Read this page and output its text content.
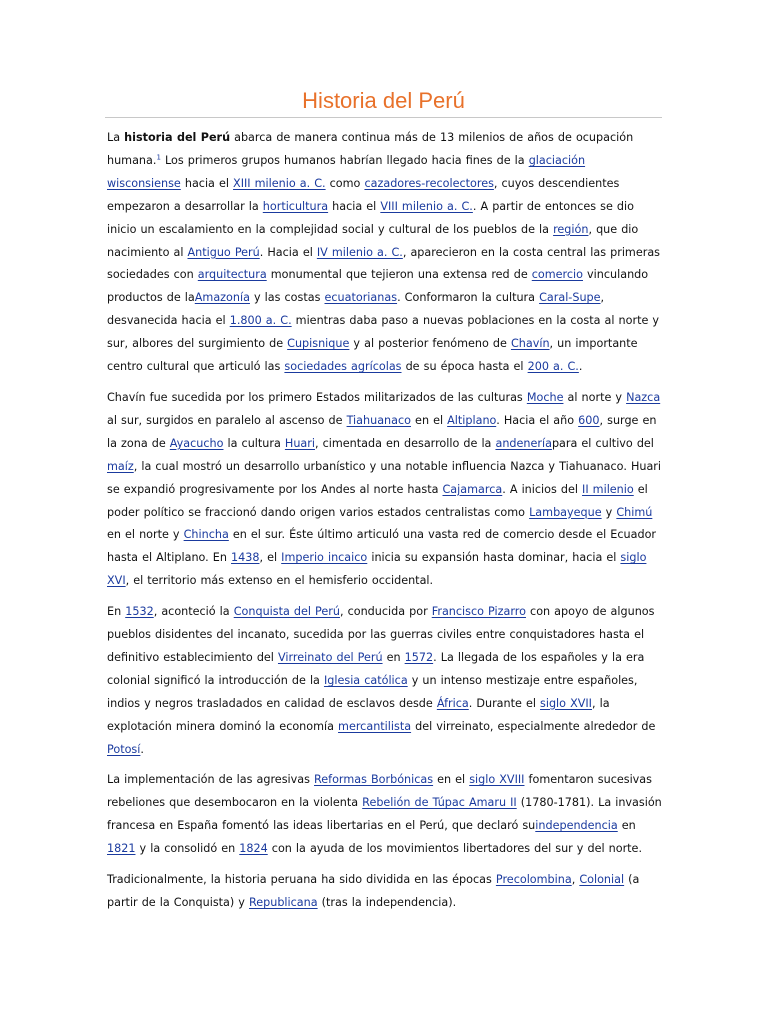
Historia del Perú

La historia del Perú abarca de manera continua más de 13 milenios de años de ocupación humana.$^1$ Los primeros grupos humanos habrían llegado hacia fines de la glaciación wisconsiense hacia el XIII milenio a. C. como cazadores-recolectores, cuyos descendientes empezaron a desarrollar la horticultura hacia el VIII milenio a. C.. A partir de entonces se dio inicio un escalamiento en la complejidad social y cultural de los pueblos de la región, que dio nacimiento al Antiguo Perú. Hacia el IV milenio a. C., aparecieron en la costa central las primeras sociedades con arquitectura monumental que tejieron una extensa red de comercio vinculando productos de laAmazonía y las costas ecuatorianas. Conformaron la cultura Caral-Supe, desvanecida hacia el 1.800 a. C. mientras daba paso a nuevas poblaciones en la costa al norte y sur, albores del surgimiento de Cupisnique y al posterior fenómeno de Chavín, un importante centro cultural que articuló las sociedades agrícolas de su época hasta el 200 a. C..

Chavín fue sucedida por los primero Estados militarizados de las culturas Moche al norte y Nazca al sur, surgidos en paralelo al ascenso de Tiahuanaco en el Altiplano. Hacia el año 600, surge en la zona de Ayacucho la cultura Huari, cimentada en desarrollo de la andeneríapara el cultivo del maíz, la cual mostró un desarrollo urbanístico y una notable influencia Nazca y Tiahuanaco. Huari se expandió progresivamente por los Andes al norte hasta Cajamarca. A inicios del II milenio el poder político se fraccionó dando origen varios estados centralistas como Lambayeque y Chimú en el norte y Chincha en el sur. Éste último articuló una vasta red de comercio desde el Ecuador hasta el Altiplano. En 1438, el Imperio incaico inicia su expansión hasta dominar, hacia el siglo XVI, el territorio más extenso en el hemisferio occidental.

En 1532, aconteció la Conquista del Perú, conducida por Francisco Pizarro con apoyo de algunos pueblos disidentes del incanato, sucedida por las guerras civiles entre conquistadores hasta el definitivo establecimiento del Virreinato del Perú en 1572. La llegada de los españoles y la era colonial significó la introducción de la Iglesia católica y un intenso mestizaje entre españoles, indios y negros trasladados en calidad de esclavos desde África. Durante el siglo XVII, la explotación minera dominó la economía mercantilista del virreinato, especialmente alrededor de Potosí.

La implementación de las agresivas Reformas Borbónicas en el siglo XVIII fomentaron sucesivas rebeliones que desembocaron en la violenta Rebelión de Túpac Amaru II (1780-1781). La invasión francesa en España fomentó las ideas libertarias en el Perú, que declaró suindependencia en 1821 y la consolidó en 1824 con la ayuda de los movimientos libertadores del sur y del norte.

Tradicionalmente, la historia peruana ha sido dividida en las épocas Precolombina, Colonial (a partir de la Conquista) y Republicana (tras la independencia).
